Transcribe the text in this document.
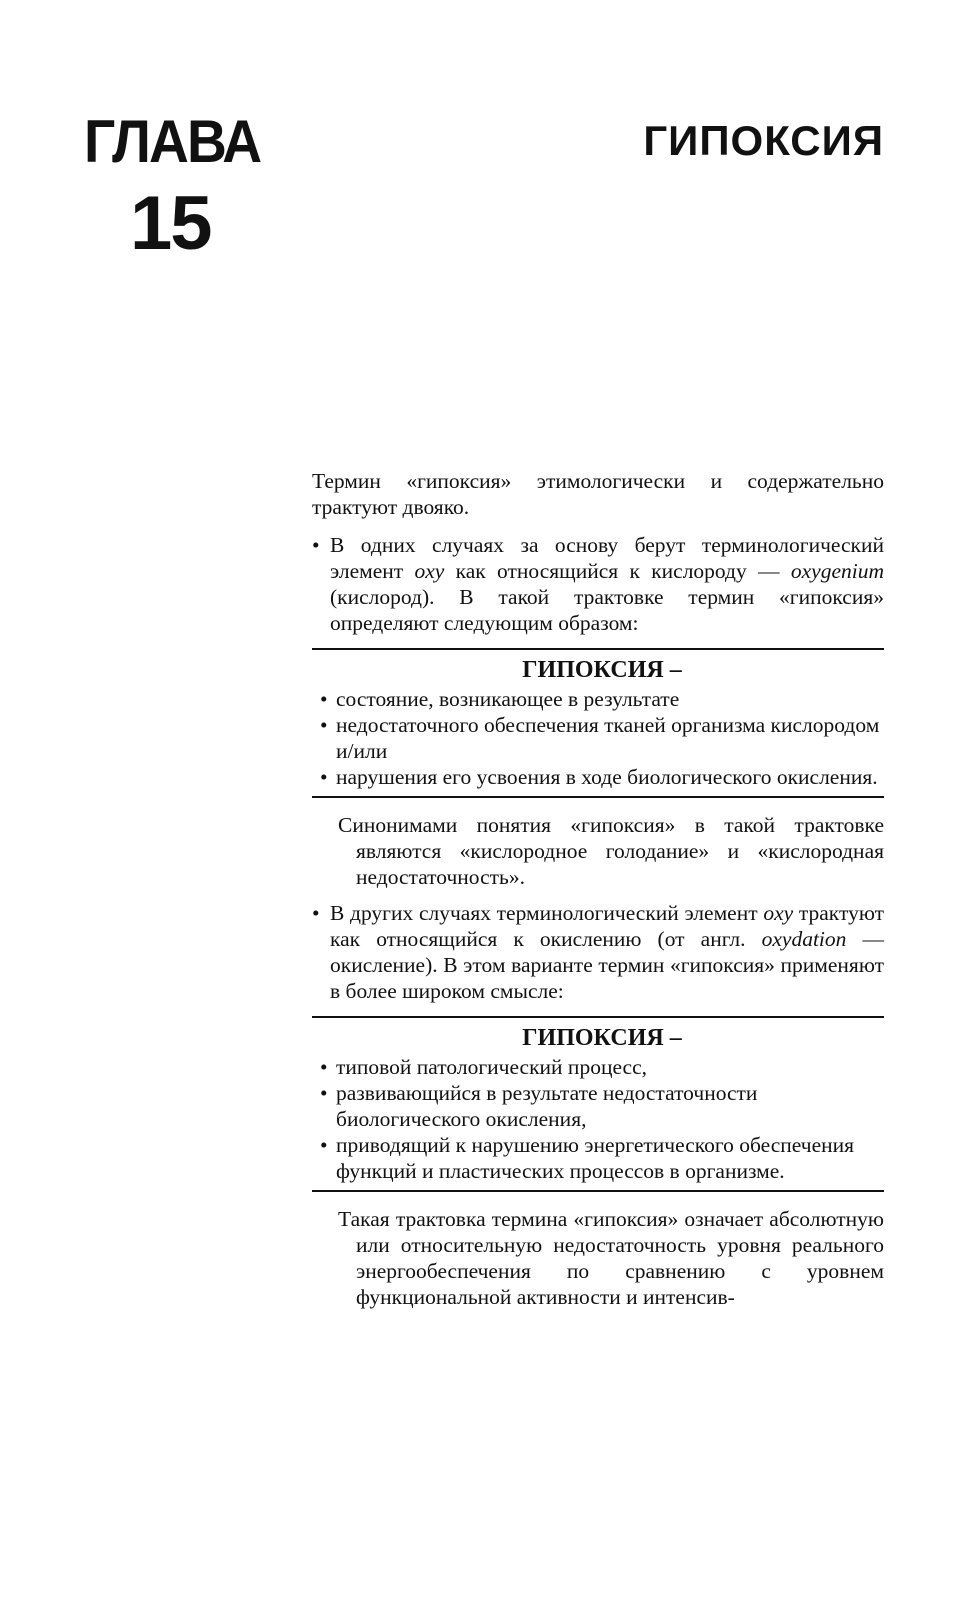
ГЛАВА
15
ГИПОКСИЯ

Термин «гипоксия» этимологически и содержательно трактуют двояко.

• В одних случаях за основу берут терминологический элемент oxy как относящийся к кислороду — oxygenium (кислород). В такой трактовке термин «гипоксия» определяют следующим образом:
ГИПОКСИЯ –
• состояние, возникающее в результате
• недостаточного обеспечения тканей организма кислородом и/или
• нарушения его усвоения в ходе биологического окисления.

Синонимами понятия «гипоксия» в такой трактовке являются «кислородное голодание» и «кислородная недостаточность».

• В других случаях терминологический элемент oxy трактуют как относящийся к окислению (от англ. oxydation — окисление). В этом варианте термин «гипоксия» применяют в более широком смысле:
ГИПОКСИЯ –
• типовой патологический процесс,
• развивающийся в результате недостаточности биологического окисления,
• приводящий к нарушению энергетического обеспечения функций и пластических процессов в организме.

Такая трактовка термина «гипоксия» означает абсолютную или относительную недостаточность уровня реального энергообеспечения по сравнению с уровнем функциональной активности и интенсив-
